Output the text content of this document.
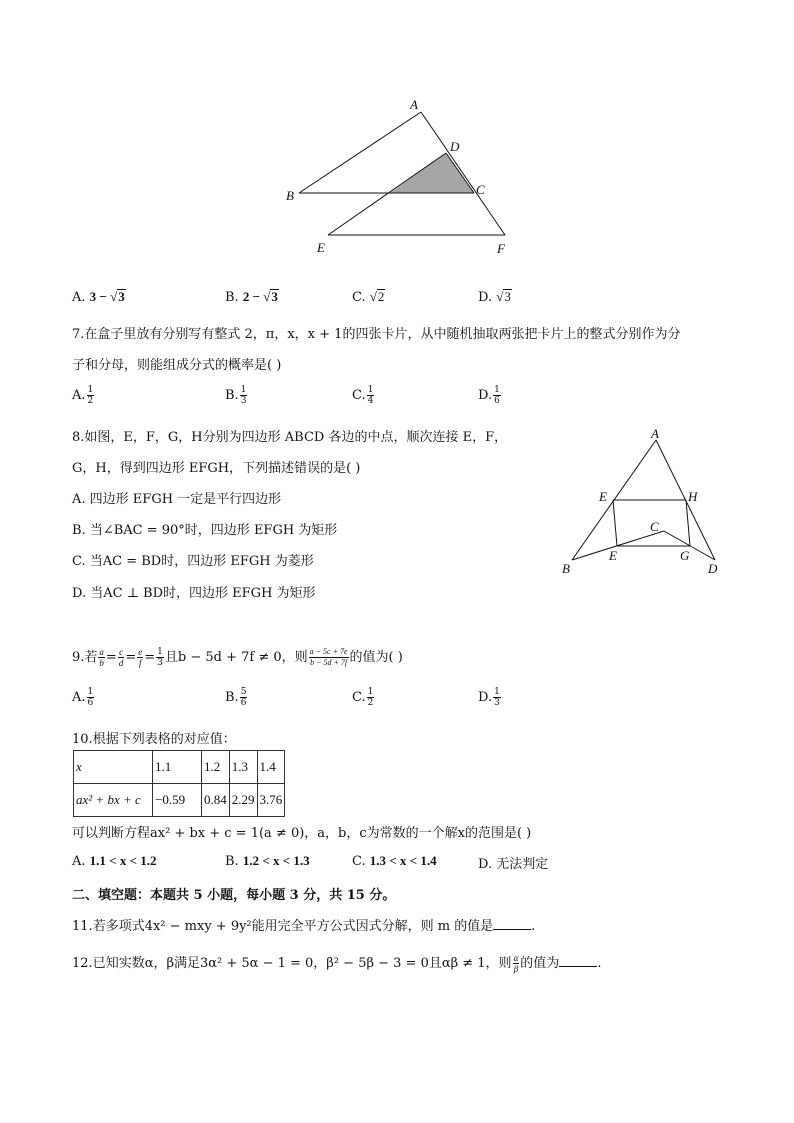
A
D
C
B
E	F
A. 3 − √3	B. 2 − √3	C. √2	D. √3
7.在盒子里放有分别写有整式 2，π，x，x + 1的四张卡片，从中随机抽取两张把卡片上的整式分别作为分
子和分母，则能组成分式的概率是( )
A. $\frac{1}{2}$	B. $\frac{1}{3}$	C. $\frac{1}{4}$	D. $\frac{1}{6}$
8.如图，E，F，G，H分别为四边形 ABCD 各边的中点，顺次连接 E，F，
G，H，得到四边形 EFGH，下列描述错误的是( )
A. 四边形 EFGH 一定是平行四边形
B. 当∠BAC = 90°时，四边形 EFGH 为矩形
C. 当AC = BD时，四边形 EFGH 为菱形
D. 当AC ⊥ BD时，四边形 EFGH 为矩形
A
E	H
C
E	G
B	D
9.若 $\frac{a}{b} = \frac{c}{d} = \frac{e}{f} = \frac{1}{3}$ 且b − 5d + 7f ≠ 0，则 $\frac{a - 5c + 7e}{b - 5d + 7f}$ 的值为( )
A. $\frac{1}{6}$	B. $\frac{5}{6}$	C. $\frac{1}{2}$	D. $\frac{1}{3}$
10.根据下列表格的对应值：
x	1.1	1.2	1.3	1.4
ax² + bx + c	−0.59	0.84	2.29	3.76
可以判断方程ax² + bx + c = 1(a ≠ 0)，a，b，c为常数的一个解x的范围是( )
A. 1.1 < x < 1.2	B. 1.2 < x < 1.3	C. 1.3 < x < 1.4	D. 无法判定
二、填空题：本题共 5 小题，每小题 3 分，共 15 分。
11.若多项式4x² − mxy + 9y²能用完全平方公式因式分解，则 m 的值是	.
12.已知实数α，β满足3α² + 5α − 1 = 0，β² − 5β − 3 = 0且αβ ≠ 1，则 $\frac{\alpha}{\beta}$ 的值为	.
